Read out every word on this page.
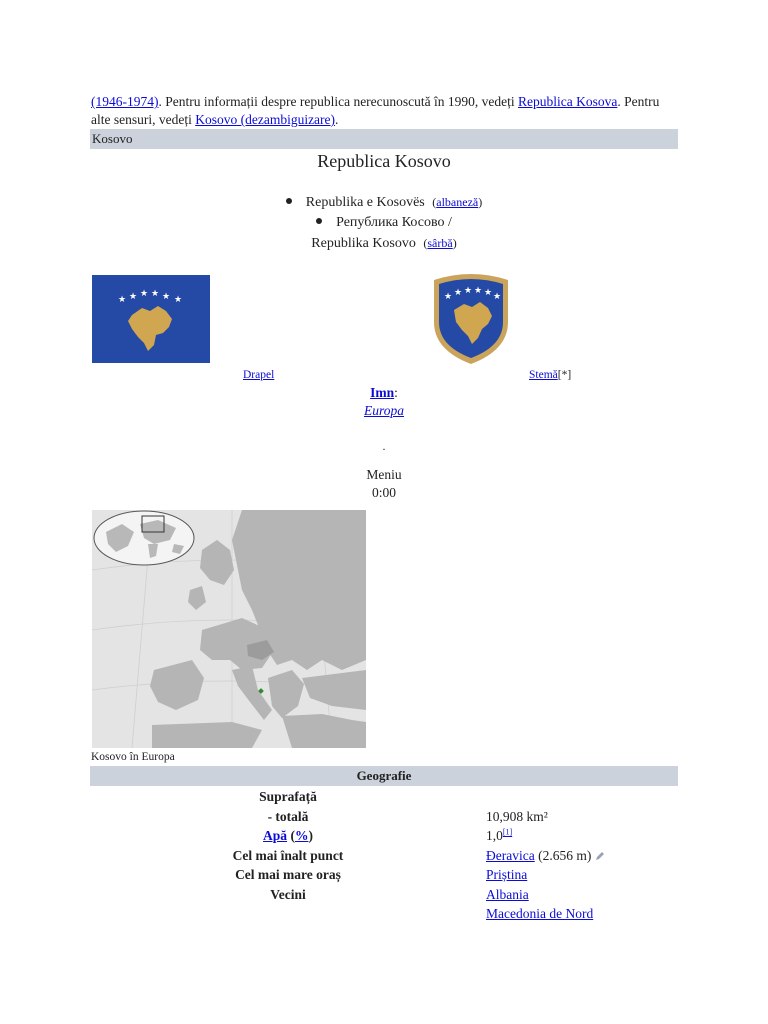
(1946-1974). Pentru informații despre republica nerecunoscută în 1990, vedeți Republica Kosova. Pentru alte sensuri, vedeți Kosovo (dezambiguizare).
Kosovo
Republica Kosovo
Republika e Kosovës (albaneză)
Република Косово /
Republika Kosovo (sârbă)
★ ★ ★ ★ ★ ★	★ ★ ★ ★ ★ ★
Drapel	Stemă[*]
Imn:
Europa
.
Meniu
0:00
Kosovo în Europa
Geografie
Suprafață
- totală	10,908 km²
Apă (%)	1,0[1]
Cel mai înalt punct	Đeravica (2.656 m)
Cel mai mare oraș	Priștina
Vecini	Albania
Macedonia de Nord
